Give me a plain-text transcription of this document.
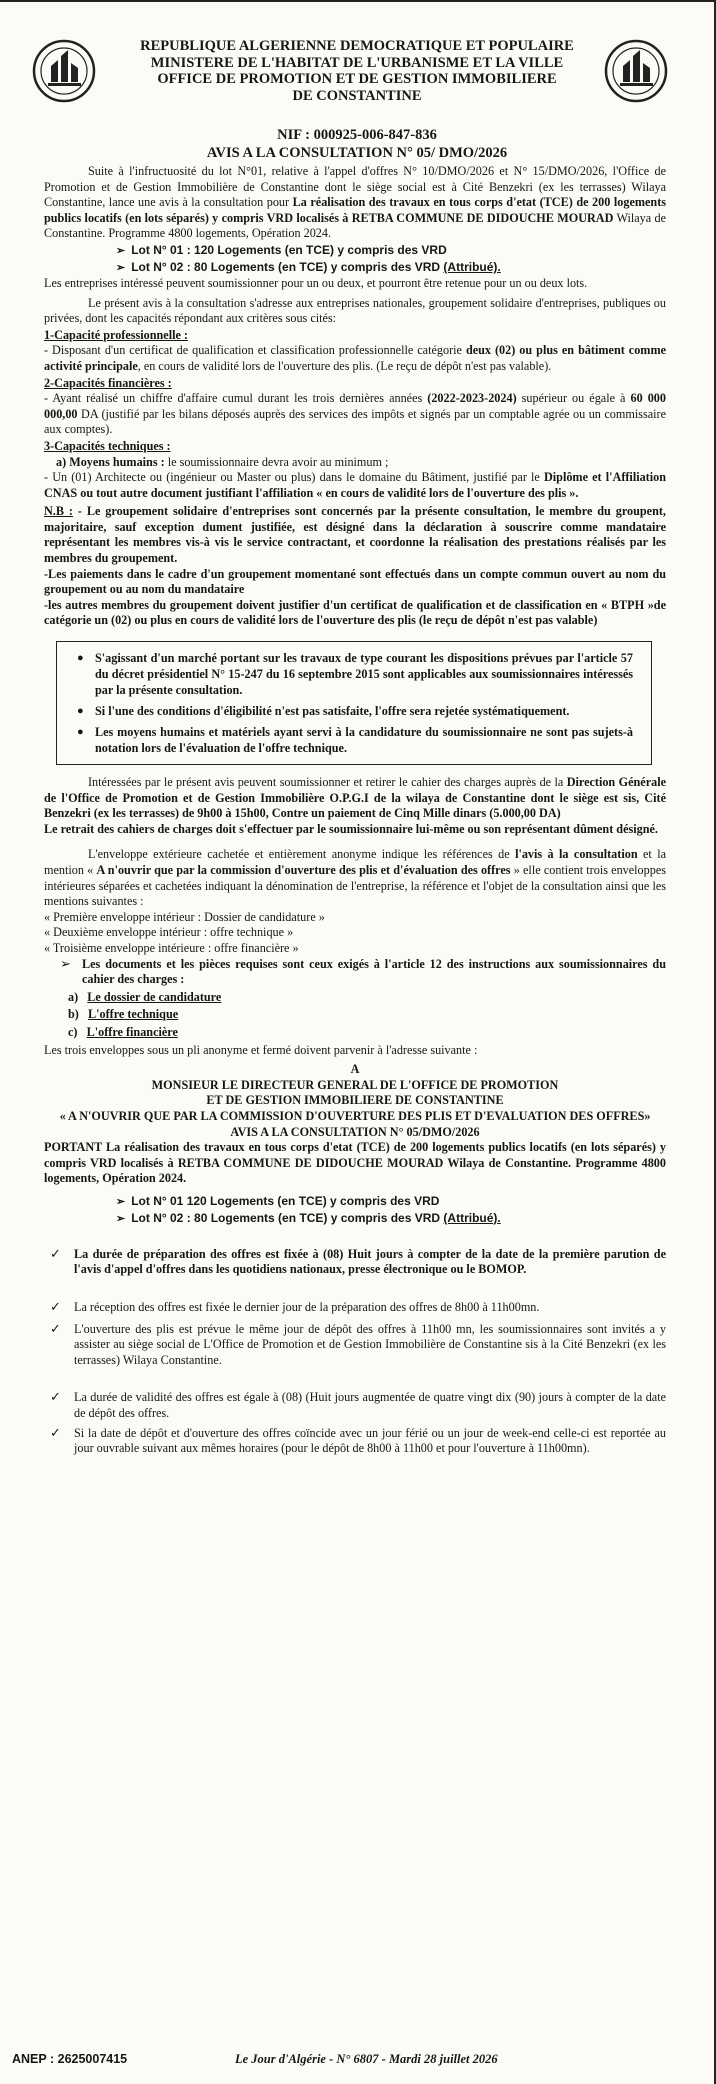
REPUBLIQUE ALGERIENNE DEMOCRATIQUE ET POPULAIRE
MINISTERE DE L'HABITAT DE L'URBANISME ET LA VILLE
OFFICE DE PROMOTION ET DE GESTION IMMOBILIERE
DE CONSTANTINE
NIF : 000925-006-847-836
AVIS A LA CONSULTATION N° 05/ DMO/2026

Suite à l'infructuosité du lot N°01, relative à l'appel d'offres N° 10/DMO/2026 et N° 15/DMO/2026, l'Office de Promotion et de Gestion Immobilière de Constantine dont le siège social est à Cité Benzekri (ex les terrasses) Wilaya Constantine, lance une avis à la consultation pour La réalisation des travaux en tous corps d'etat (TCE) de 200 logements publics locatifs (en lots séparés) y compris VRD localisés à RETBA COMMUNE DE DIDOUCHE MOURAD Wilaya de Constantine. Programme 4800 logements, Opération 2024.

➢ Lot N° 01 : 120 Logements (en TCE) y compris des VRD
➢ Lot N° 02 : 80 Logements (en TCE) y compris des VRD (Attribué).

Les entreprises intéressé peuvent soumissionner pour un ou deux, et pourront être retenue pour un ou deux lots.

Le présent avis à la consultation s'adresse aux entreprises nationales, groupement solidaire d'entreprises, publiques ou privées, dont les capacités répondant aux critères sous cités:

1-Capacité professionnelle :

- Disposant d'un certificat de qualification et classification professionnelle catégorie deux (02) ou plus en bâtiment comme activité principale, en cours de validité lors de l'ouverture des plis. (Le reçu de dépôt n'est pas valable).

2-Capacités financières :

- Ayant réalisé un chiffre d'affaire cumul durant les trois dernières années (2022-2023-2024) supérieur ou égale à 60 000 000,00 DA (justifié par les bilans déposés auprès des services des impôts et signés par un comptable agrée ou un commissaire aux comptes).

3-Capacités techniques :

a) Moyens humains : le soumissionnaire devra avoir au minimum ;

- Un (01) Architecte ou (ingénieur ou Master ou plus) dans le domaine du Bâtiment, justifié par le Diplôme et l'Affiliation CNAS ou tout autre document justifiant l'affiliation « en cours de validité lors de l'ouverture des plis ».

N.B : - Le groupement solidaire d'entreprises sont concernés par la présente consultation, le membre du groupent, majoritaire, sauf exception dument justifiée, est désigné dans la déclaration à souscrire comme mandataire représentant les membres vis-à vis le service contractant, et coordonne la réalisation des prestations réalisés par les membres du groupement.

-Les paiements dans le cadre d'un groupement momentané sont effectués dans un compte commun ouvert au nom du groupement ou au nom du mandataire

-les autres membres du groupement doivent justifier d'un certificat de qualification et de classification en « BTPH »de catégorie un (02) ou plus en cours de validité lors de l'ouverture des plis (le reçu de dépôt n'est pas valable)

● S'agissant d'un marché portant sur les travaux de type courant les dispositions prévues par l'article 57 du décret présidentiel N° 15-247 du 16 septembre 2015 sont applicables aux soumissionnaires intéressés par la présente consultation.
● Si l'une des conditions d'éligibilité n'est pas satisfaite, l'offre sera rejetée systématiquement.
● Les moyens humains et matériels ayant servi à la candidature du soumissionnaire ne sont pas sujets-à notation lors de l'évaluation de l'offre technique.

Intéressées par le présent avis peuvent soumissionner et retirer le cahier des charges auprès de la Direction Générale de l'Office de Promotion et de Gestion Immobilière O.P.G.I de la wilaya de Constantine dont le siège est sis, Cité Benzekri (ex les terrasses) de 9h00 à 15h00, Contre un paiement de Cinq Mille dinars (5.000,00 DA)

Le retrait des cahiers de charges doit s'effectuer par le soumissionnaire lui-même ou son représentant dûment désigné.

L'enveloppe extérieure cachetée et entièrement anonyme indique les références de l'avis à la consultation et la mention « A n'ouvrir que par la commission d'ouverture des plis et d'évaluation des offres » elle contient trois enveloppes intérieures séparées et cachetées indiquant la dénomination de l'entreprise, la référence et l'objet de la consultation ainsi que les mentions suivantes :

« Première enveloppe intérieur : Dossier de candidature »
« Deuxième enveloppe intérieur : offre technique »
« Troisième enveloppe intérieure : offre financière »
➢ Les documents et les pièces requises sont ceux exigés à l'article 12 des instructions aux soumissionnaires du cahier des charges :
a) Le dossier de candidature
b) L'offre technique
c) L'offre financière

Les trois enveloppes sous un pli anonyme et fermé doivent parvenir à l'adresse suivante :

A
MONSIEUR LE DIRECTEUR GENERAL DE L'OFFICE DE PROMOTION
ET DE GESTION IMMOBILIERE DE CONSTANTINE
« A N'OUVRIR QUE PAR LA COMMISSION D'OUVERTURE DES PLIS ET D'EVALUATION DES OFFRES»
AVIS A LA CONSULTATION N° 05/DMO/2026

PORTANT La réalisation des travaux en tous corps d'etat (TCE) de 200 logements publics locatifs (en lots séparés) y compris VRD localisés à RETBA COMMUNE DE DIDOUCHE MOURAD Wilaya de Constantine. Programme 4800 logements, Opération 2024.

➢ Lot N° 01 120 Logements (en TCE) y compris des VRD
➢ Lot N° 02 : 80 Logements (en TCE) y compris des VRD (Attribué).
✓ La durée de préparation des offres est fixée à (08) Huit jours à compter de la date de la première parution de l'avis d'appel d'offres dans les quotidiens nationaux, presse électronique ou le BOMOP.
✓ La réception des offres est fixée le dernier jour de la préparation des offres de 8h00 à 11h00mn.
✓ L'ouverture des plis est prévue le même jour de dépôt des offres à 11h00 mn, les soumissionnaires sont invités a y assister au siège social de L'Office de Promotion et de Gestion Immobilière de Constantine sis à la Cité Benzekri (ex les terrasses) Wilaya Constantine.
✓ La durée de validité des offres est égale à (08) (Huit jours augmentée de quatre vingt dix (90) jours à compter de la date de dépôt des offres.
✓ Si la date de dépôt et d'ouverture des offres coïncide avec un jour férié ou un jour de week-end celle-ci est reportée au jour ouvrable suivant aux mêmes horaires (pour le dépôt de 8h00 à 11h00 et pour l'ouverture à 11h00mn).
ANEP : 2625007415	Le Jour d'Algérie - N° 6807 - Mardi 28 juillet 2026
